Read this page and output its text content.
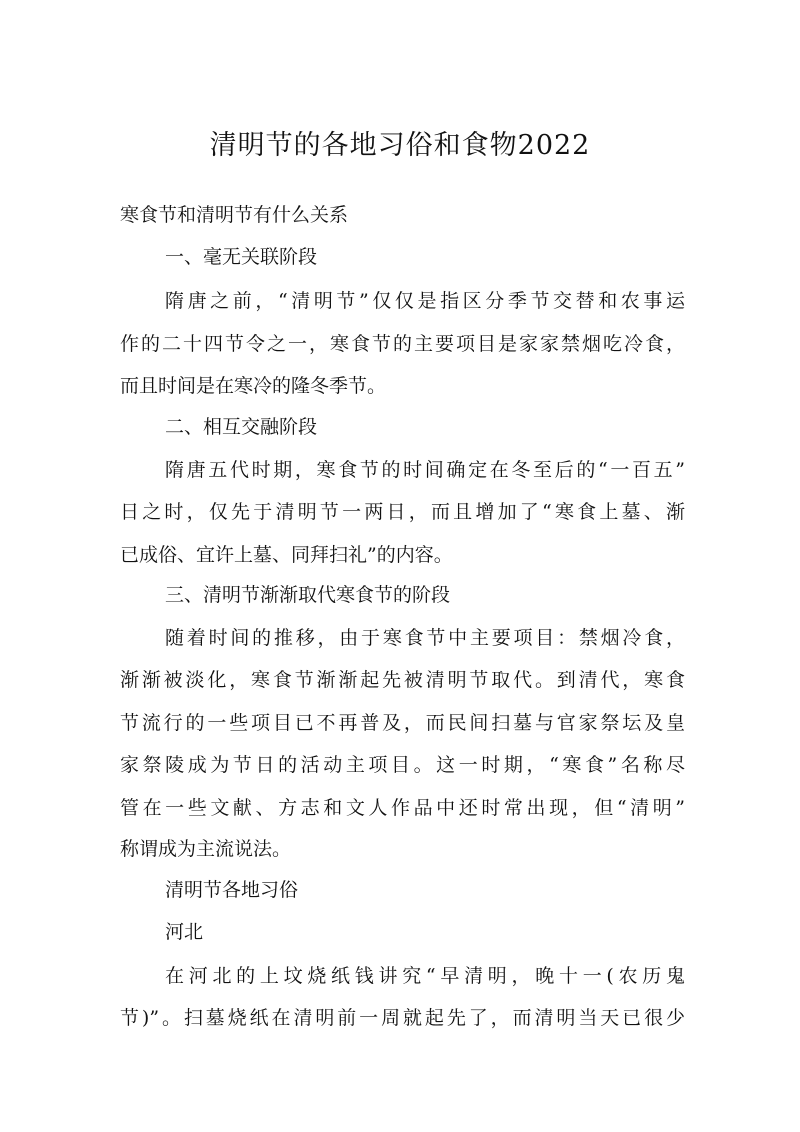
清明节的各地习俗和食物2022
寒食节和清明节有什么关系
一、毫无关联阶段
隋唐之前，“清明节”仅仅是指区分季节交替和农事运
作的二十四节令之一，寒食节的主要项目是家家禁烟吃冷食，
而且时间是在寒冷的隆冬季节。
二、相互交融阶段
隋唐五代时期，寒食节的时间确定在冬至后的“一百五”
日之时，仅先于清明节一两日，而且增加了“寒食上墓、渐
已成俗、宜许上墓、同拜扫礼”的内容。
三、清明节渐渐取代寒食节的阶段
随着时间的推移，由于寒食节中主要项目：禁烟冷食，
渐渐被淡化，寒食节渐渐起先被清明节取代。到清代，寒食
节流行的一些项目已不再普及，而民间扫墓与官家祭坛及皇
家祭陵成为节日的活动主项目。这一时期，“寒食”名称尽
管在一些文献、方志和文人作品中还时常出现，但“清明”
称谓成为主流说法。
清明节各地习俗
河北
在河北的上坟烧纸钱讲究“早清明，晚十一(农历鬼
节)”。扫墓烧纸在清明前一周就起先了，而清明当天已很少
